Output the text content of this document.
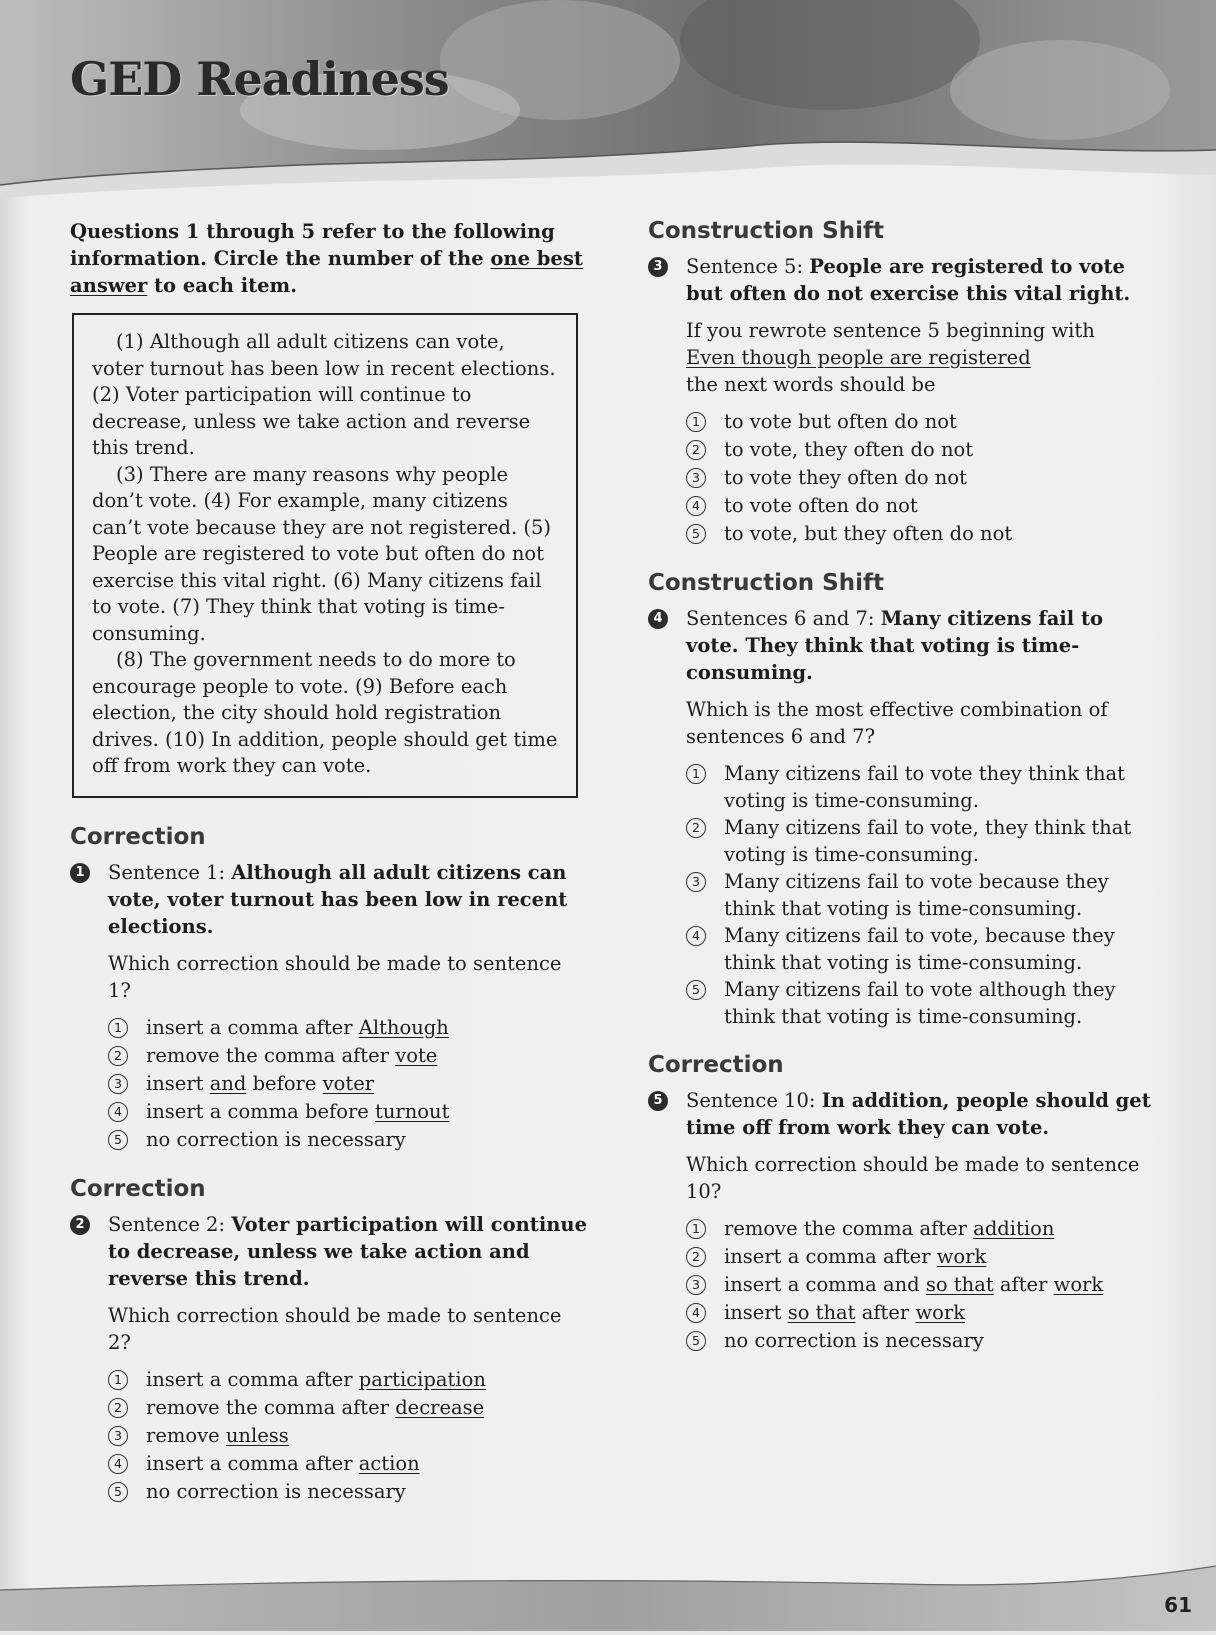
GED Readiness

Questions 1 through 5 refer to the following information. Circle the number of the one best answer to each item.

(1) Although all adult citizens can vote, voter turnout has been low in recent elections. (2) Voter participation will continue to decrease, unless we take action and reverse this trend.

(3) There are many reasons why people don’t vote. (4) For example, many citizens can’t vote because they are not registered. (5) People are registered to vote but often do not exercise this vital right. (6) Many citizens fail to vote. (7) They think that voting is time-consuming.

(8) The government needs to do more to encourage people to vote. (9) Before each election, the city should hold registration drives. (10) In addition, people should get time off from work they can vote.

Correction
1 Sentence 1: Although all adult citizens can vote, voter turnout has been low in recent elections.
Which correction should be made to sentence 1?
1	insert a comma after Although
2	remove the comma after vote
3	insert and before voter
4	insert a comma before turnout
5	no correction is necessary
Correction
2 Sentence 2: Voter participation will continue to decrease, unless we take action and reverse this trend.
Which correction should be made to sentence 2?
1	insert a comma after participation
2	remove the comma after decrease
3	remove unless
4	insert a comma after action
5	no correction is necessary
Construction Shift
3 Sentence 5: People are registered to vote but often do not exercise this vital right.
If you rewrote sentence 5 beginning with
Even though people are registered
the next words should be
1	to vote but often do not
2	to vote, they often do not
3	to vote they often do not
4	to vote often do not
5	to vote, but they often do not
Construction Shift
4 Sentences 6 and 7: Many citizens fail to vote. They think that voting is time-consuming.
Which is the most effective combination of sentences 6 and 7?
1	Many citizens fail to vote they think that voting is time-consuming.
2	Many citizens fail to vote, they think that voting is time-consuming.
3	Many citizens fail to vote because they think that voting is time-consuming.
4	Many citizens fail to vote, because they think that voting is time-consuming.
5	Many citizens fail to vote although they think that voting is time-consuming.
Correction
5 Sentence 10: In addition, people should get time off from work they can vote.
Which correction should be made to sentence 10?
1	remove the comma after addition
2	insert a comma after work
3	insert a comma and so that after work
4	insert so that after work
5	no correction is necessary
61
